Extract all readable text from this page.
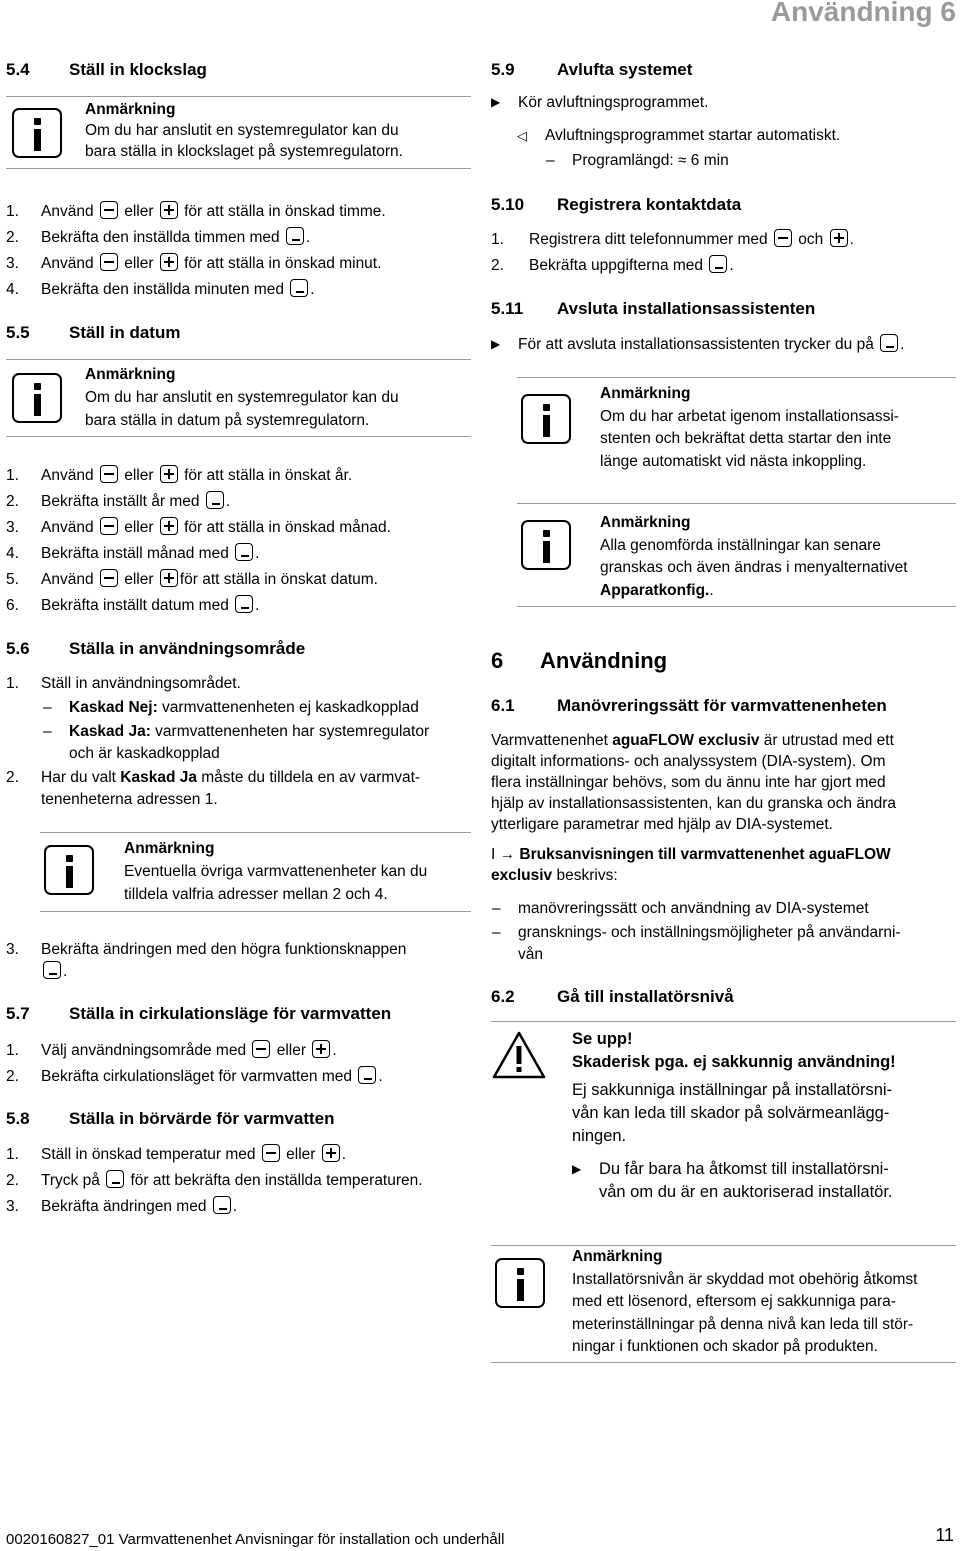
Användning 6
5.4 Ställ in klockslag
Anmärkning
Om du har anslutit en systemregulator kan du
bara ställa in klockslaget på systemregulatorn.
1. Använd eller för att ställa in önskad timme.
2. Bekräfta den inställda timmen med .
3. Använd eller för att ställa in önskad minut.
4. Bekräfta den inställda minuten med .
5.5 Ställ in datum
Anmärkning
Om du har anslutit en systemregulator kan du
bara ställa in datum på systemregulatorn.
1. Använd eller för att ställa in önskat år.
2. Bekräfta inställt år med .
3. Använd eller för att ställa in önskad månad.
4. Bekräfta inställ månad med .
5. Använd eller för att ställa in önskat datum.
6. Bekräfta inställt datum med .
5.6 Ställa in användningsområde
1. Ställ in användningsområdet.
– Kaskad Nej: varmvattenenheten ej kaskadkopplad
– Kaskad Ja: varmvattenenheten har systemregulator
och är kaskadkopplad
2. Har du valt Kaskad Ja måste du tilldela en av varmvat-
tenenheterna adressen 1.
Anmärkning
Eventuella övriga varmvattenenheter kan du
tilldela valfria adresser mellan 2 och 4.
3. Bekräfta ändringen med den högra funktionsknappen
.
5.7 Ställa in cirkulationsläge för varmvatten
1. Välj användningsområde med eller .
2. Bekräfta cirkulationsläget för varmvatten med .
5.8 Ställa in börvärde för varmvatten
1. Ställ in önskad temperatur med eller .
2. Tryck på för att bekräfta den inställda temperaturen.
3. Bekräfta ändringen med .
5.9 Avlufta systemet
▶ Kör avluftningsprogrammet.
◁ Avluftningsprogrammet startar automatiskt.
– Programlängd: ≈ 6 min
5.10 Registrera kontaktdata
1. Registrera ditt telefonnummer med och .
2. Bekräfta uppgifterna med .
5.11 Avsluta installationsassistenten
▶ För att avsluta installationsassistenten trycker du på .
Anmärkning
Om du har arbetat igenom installationsassi-
stenten och bekräftat detta startar den inte
länge automatiskt vid nästa inkoppling.
Anmärkning
Alla genomförda inställningar kan senare
granskas och även ändras i menyalternativet
Apparatkonfig..
6 Användning
6.1 Manövreringssätt för varmvattenenheten
Varmvattenenhet aguaFLOW exclusiv är utrustad med ett
digitalt informations- och analyssystem (DIA-system). Om
flera inställningar behövs, som du ännu inte har gjort med
hjälp av installationsassistenten, kan du granska och ändra
ytterligare parametrar med hjälp av DIA-systemet.
I → Bruksanvisningen till varmvattenenhet aguaFLOW
exclusiv beskrivs:
– manövreringssätt och användning av DIA-systemet
– gransknings- och inställningsmöjligheter på användarni-
vån
6.2 Gå till installatörsnivå
Se upp!
Skaderisk pga. ej sakkunnig användning!
Ej sakkunniga inställningar på installatörsni-
vån kan leda till skador på solvärmeanlägg-
ningen.
▶ Du får bara ha åtkomst till installatörsni-
vån om du är en auktoriserad installatör.
Anmärkning
Installatörsnivån är skyddad mot obehörig åtkomst
med ett lösenord, eftersom ej sakkunniga para-
meterinställningar på denna nivå kan leda till stör-
ningar i funktionen och skador på produkten.
0020160827_01 Varmvattenenhet Anvisningar för installation och underhåll	11
